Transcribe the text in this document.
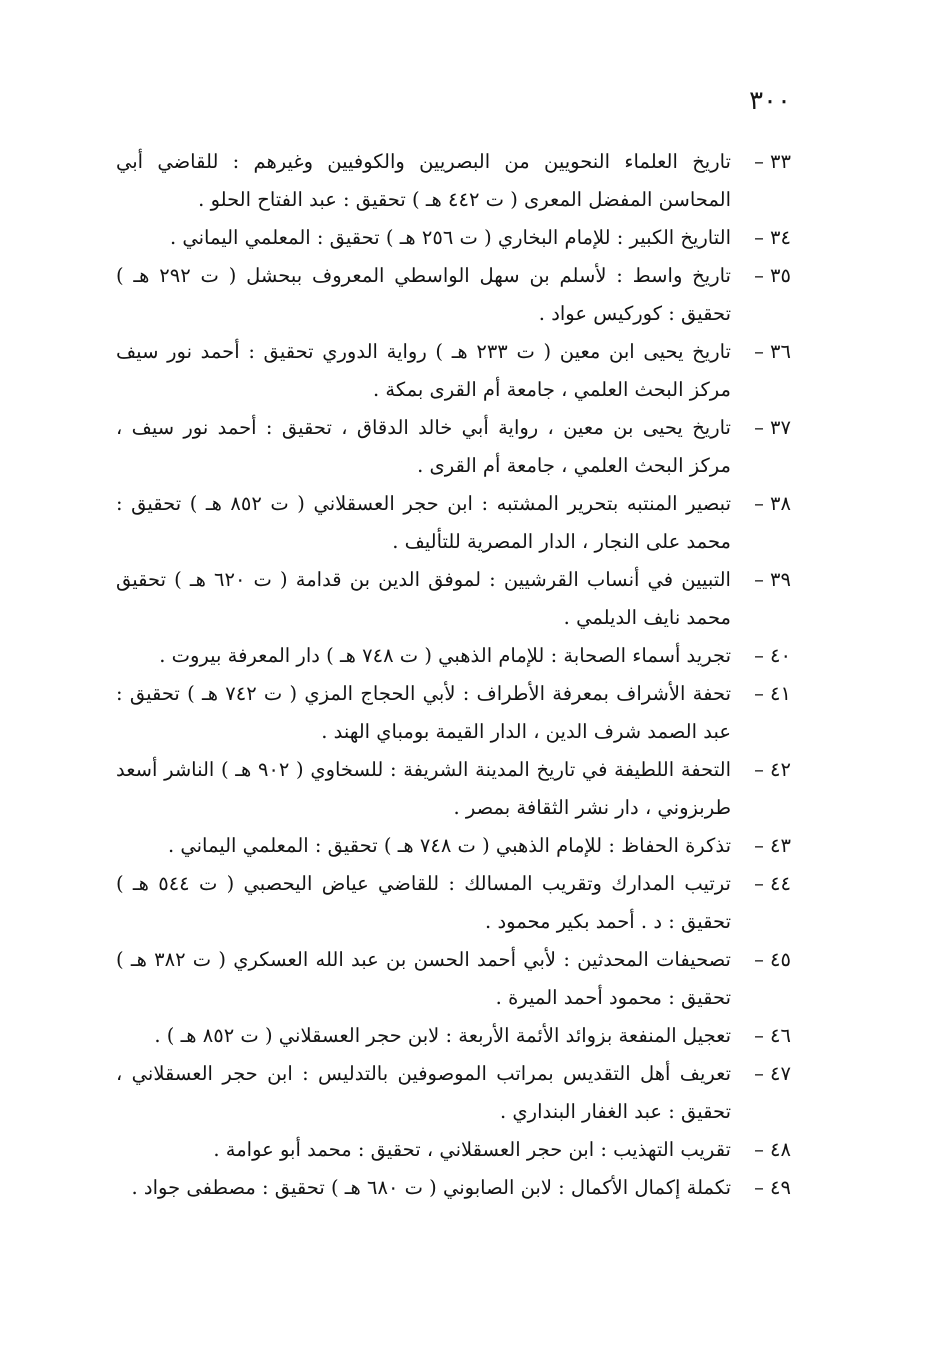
٣٠٠
٣٣ –
تاريخ العلماء النحويين من البصريين والكوفيين وغيرهم : للقاضي أبي المحاسن المفضل المعرى ( ت ٤٤٢ هـ ) تحقيق : عبد الفتاح الحلو .
٣٤ –
التاريخ الكبير : للإمام البخاري ( ت ٢٥٦ هـ ) تحقيق : المعلمي اليماني .
٣٥ –
تاريخ واسط : لأسلم بن سهل الواسطي المعروف ببحشل ( ت ٢٩٢ هـ ) تحقيق : كوركيس عواد .
٣٦ –
تاريخ يحيى ابن معين ( ت ٢٣٣ هـ ) رواية الدوري تحقيق : أحمد نور سيف مركز البحث العلمي ، جامعة أم القرى بمكة .
٣٧ –
تاريخ يحيى بن معين ، رواية أبي خالد الدقاق ، تحقيق : أحمد نور سيف ، مركز البحث العلمي ، جامعة أم القرى .
٣٨ –
تبصير المنتبه بتحرير المشتبه : ابن حجر العسقلاني ( ت ٨٥٢ هـ ) تحقيق : محمد على النجار ، الدار المصرية للتأليف .
٣٩ –
التبيين في أنساب القرشيين : لموفق الدين بن قدامة ( ت ٦٢٠ هـ ) تحقيق محمد نايف الديلمي .
٤٠ –
تجريد أسماء الصحابة : للإمام الذهبي ( ت ٧٤٨ هـ ) دار المعرفة بيروت .
٤١ –
تحفة الأشراف بمعرفة الأطراف : لأبي الحجاج المزي ( ت ٧٤٢ هـ ) تحقيق : عبد الصمد شرف الدين ، الدار القيمة بومباي الهند .
٤٢ –
التحفة اللطيفة في تاريخ المدينة الشريفة : للسخاوي ( ٩٠٢ هـ ) الناشر أسعد طربزوني ، دار نشر الثقافة بمصر .
٤٣ –
تذكرة الحفاظ : للإمام الذهبي ( ت ٧٤٨ هـ ) تحقيق : المعلمي اليماني .
٤٤ –
ترتيب المدارك وتقريب المسالك : للقاضي عياض اليحصبي ( ت ٥٤٤ هـ ) تحقيق : د . أحمد بكير محمود .
٤٥ –
تصحيفات المحدثين : لأبي أحمد الحسن بن عبد الله العسكري ( ت ٣٨٢ هـ ) تحقيق : محمود أحمد الميرة .
٤٦ –
تعجيل المنفعة بزوائد الأئمة الأربعة : لابن حجر العسقلاني ( ت ٨٥٢ هـ ) .
٤٧ –
تعريف أهل التقديس بمراتب الموصوفين بالتدليس : ابن حجر العسقلاني ، تحقيق : عبد الغفار البنداري .
٤٨ –
تقريب التهذيب : ابن حجر العسقلاني ، تحقيق : محمد أبو عوامة .
٤٩ –
تكملة إكمال الأكمال : لابن الصابوني ( ت ٦٨٠ هـ ) تحقيق : مصطفى جواد .
